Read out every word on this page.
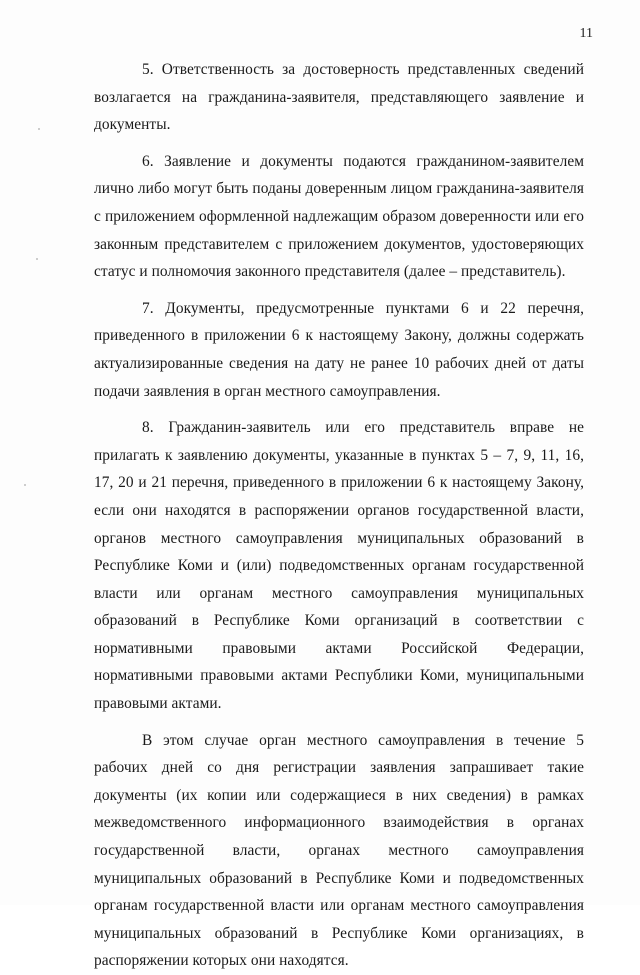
11

5. Ответственность за достоверность представленных сведений возлагается на гражданина-заявителя, представляющего заявление и документы.

6. Заявление и документы подаются гражданином-заявителем лично либо могут быть поданы доверенным лицом гражданина-заявителя с приложением оформленной надлежащим образом доверенности или его законным представителем с приложением документов, удостоверяющих статус и полномочия законного представителя (далее – представитель).

7. Документы, предусмотренные пунктами 6 и 22 перечня, приведенного в приложении 6 к настоящему Закону, должны содержать актуализированные сведения на дату не ранее 10 рабочих дней от даты подачи заявления в орган местного самоуправления.

8. Гражданин-заявитель или его представитель вправе не прилагать к заявлению документы, указанные в пунктах 5 – 7, 9, 11, 16, 17, 20 и 21 перечня, приведенного в приложении 6 к настоящему Закону, если они находятся в распоряжении органов государственной власти, органов местного самоуправления муниципальных образований в Республике Коми и (или) подведомственных органам государственной власти или органам местного самоуправления муниципальных образований в Республике Коми организаций в соответствии с нормативными правовыми актами Российской Федерации, нормативными правовыми актами Республики Коми, муниципальными правовыми актами.

В этом случае орган местного самоуправления в течение 5 рабочих дней со дня регистрации заявления запрашивает такие документы (их копии или содержащиеся в них сведения) в рамках межведомственного информационного взаимодействия в органах государственной власти, органах местного самоуправления муниципальных образований в Республике Коми и подведомственных органам государственной власти или органам местного самоуправления муниципальных образований в Республике Коми организациях, в распоряжении которых они находятся.
